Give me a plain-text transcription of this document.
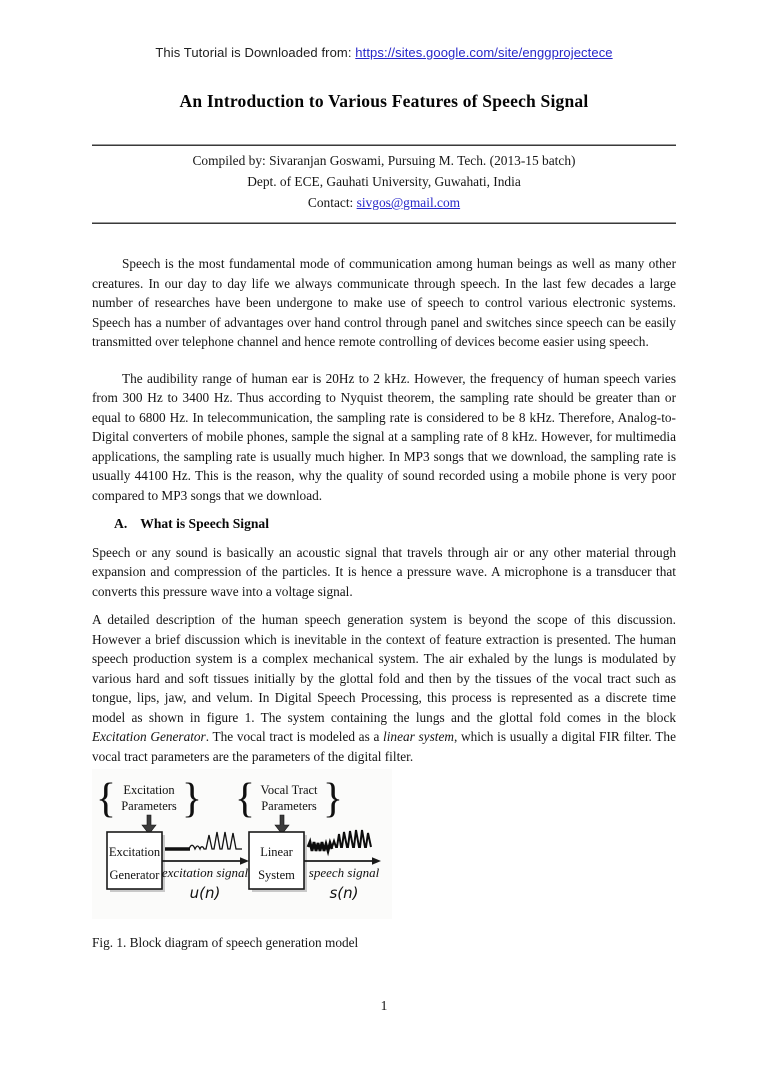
This Tutorial is Downloaded from: https://sites.google.com/site/enggprojectece
An Introduction to Various Features of Speech Signal
Compiled by: Sivaranjan Goswami, Pursuing M. Tech. (2013-15 batch)
Dept. of ECE, Gauhati University, Guwahati, India
Contact: sivgos@gmail.com

Speech is the most fundamental mode of communication among human beings as well as many other creatures. In our day to day life we always communicate through speech. In the last few decades a large number of researches have been undergone to make use of speech to control various electronic systems. Speech has a number of advantages over hand control through panel and switches since speech can be easily transmitted over telephone channel and hence remote controlling of devices become easier using speech.

The audibility range of human ear is 20Hz to 2 kHz. However, the frequency of human speech varies from 300 Hz to 3400 Hz. Thus according to Nyquist theorem, the sampling rate should be greater than or equal to 6800 Hz. In telecommunication, the sampling rate is considered to be 8 kHz. Therefore, Analog-to-Digital converters of mobile phones, sample the signal at a sampling rate of 8 kHz. However, for multimedia applications, the sampling rate is usually much higher. In MP3 songs that we download, the sampling rate is usually 44100 Hz. This is the reason, why the quality of sound recorded using a mobile phone is very poor compared to MP3 songs that we download.

A. What is Speech Signal

Speech or any sound is basically an acoustic signal that travels through air or any other material through expansion and compression of the particles. It is hence a pressure wave. A microphone is a transducer that converts this pressure wave into a voltage signal.

A detailed description of the human speech generation system is beyond the scope of this discussion. However a brief discussion which is inevitable in the context of feature extraction is presented. The human speech production system is a complex mechanical system. The air exhaled by the lungs is modulated by various hard and soft tissues initially by the glottal fold and then by the tissues of the vocal tract such as tongue, lips, jaw, and velum. In Digital Speech Processing, this process is represented as a discrete time model as shown in figure 1. The system containing the lungs and the glottal fold comes in the block Excitation Generator. The vocal tract is modeled as a linear system, which is usually a digital FIR filter. The vocal tract parameters are the parameters of the digital filter.

{ Excitation
Parameters } { Vocal Tract
Parameters }
Excitation
Generator
Linear
System
excitation signal
u(n)
speech signal
s(n)
Fig. 1. Block diagram of speech generation model
1
